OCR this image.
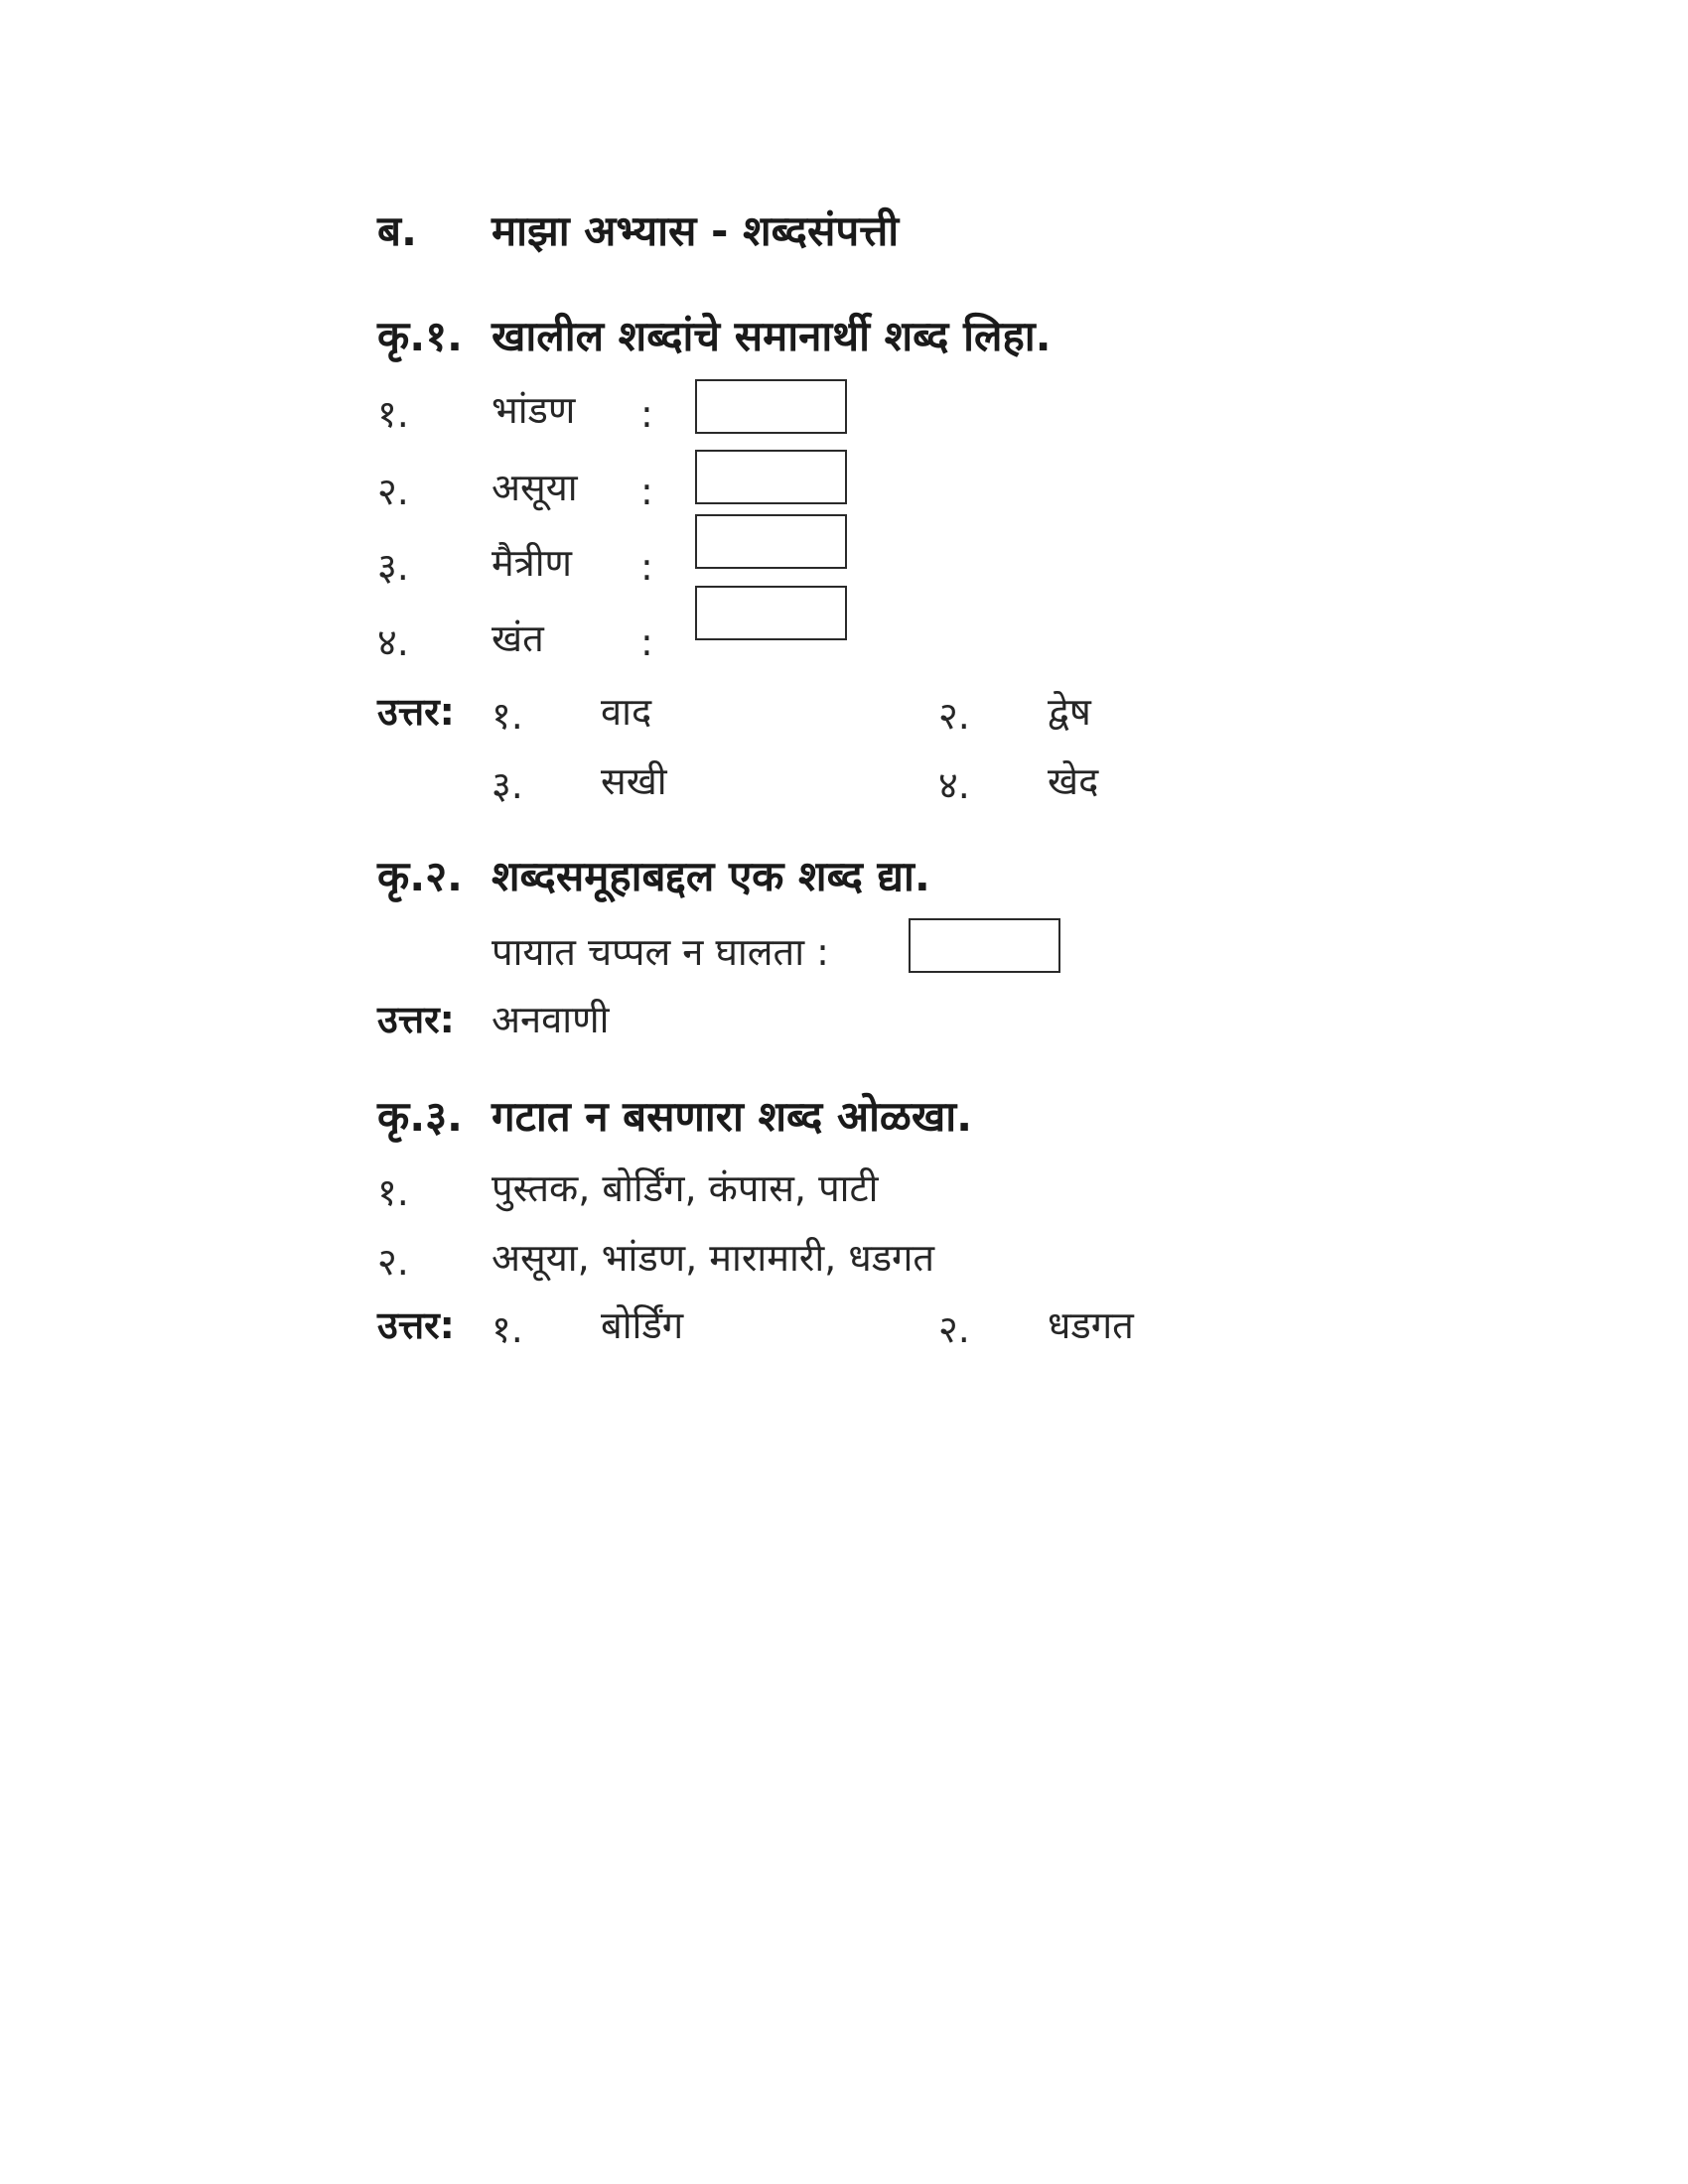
ब. माझा अभ्यास - शब्दसंपत्ती
कृ.१. खालील शब्दांचे समानार्थी शब्द लिहा.
१. भांडण :
२. असूया :
३. मैत्रीण :
४. खंत	:
उत्तर: १. वाद	२. द्वेष
३. सखी	४. खेद
कृ.२. शब्दसमूहाबद्दल एक शब्द द्या.
पायात चप्पल न घालता :
उत्तर: अनवाणी
कृ.३. गटात न बसणारा शब्द ओळखा.
१. पुस्तक, बोर्डिंग, कंपास, पाटी
२. असूया, भांडण, मारामारी, धडगत
उत्तर: १. बोर्डिंग	२. धडगत
